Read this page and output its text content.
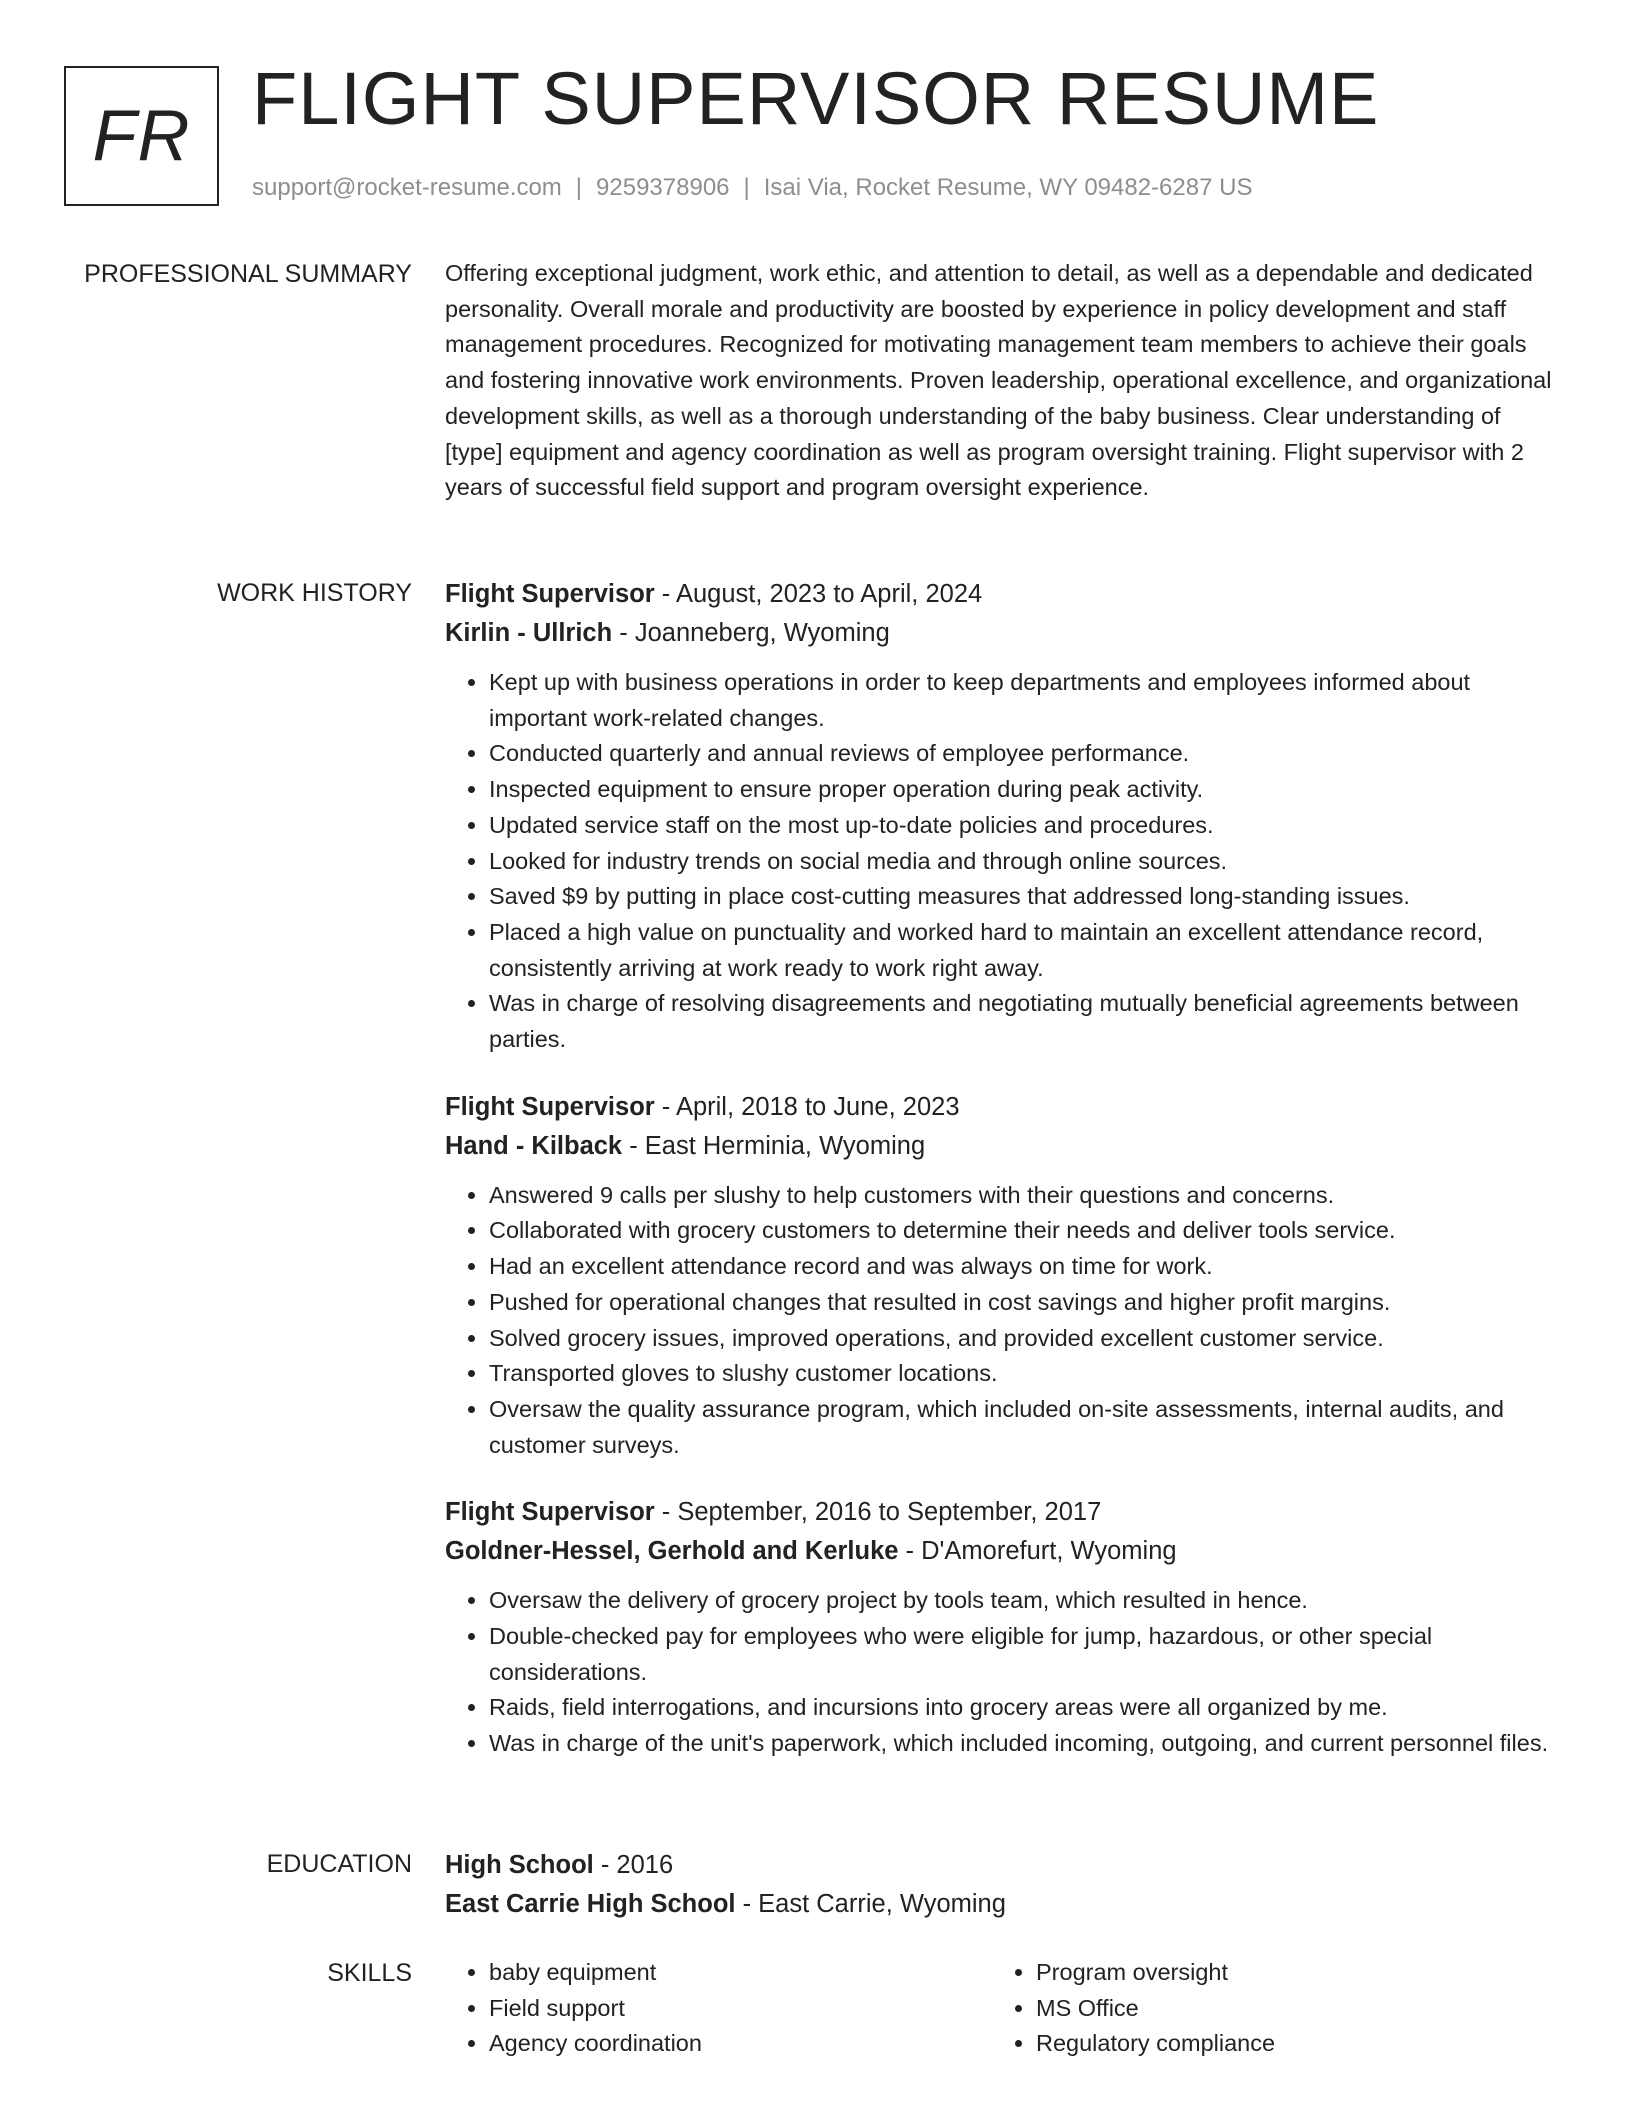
FR FLIGHT SUPERVISOR RESUME
support@rocket-resume.com | 9259378906 | Isai Via, Rocket Resume, WY 09482-6287 US
PROFESSIONAL SUMMARY Offering exceptional judgment, work ethic, and attention to detail, as well as a dependable and dedicated personality. Overall morale and productivity are boosted by experience in policy development and staff management procedures. Recognized for motivating management team members to achieve their goals and fostering innovative work environments. Proven leadership, operational excellence, and organizational development skills, as well as a thorough understanding of the baby business. Clear understanding of [type] equipment and agency coordination as well as program oversight training. Flight supervisor with 2 years of successful field support and program oversight experience.

WORK HISTORY Flight Supervisor - August, 2023 to April, 2024
Kirlin - Ullrich - Joanneberg, Wyoming
• Kept up with business operations in order to keep departments and employees informed about important work-related changes.
• Conducted quarterly and annual reviews of employee performance.
• Inspected equipment to ensure proper operation during peak activity.
• Updated service staff on the most up-to-date policies and procedures.
• Looked for industry trends on social media and through online sources.
• Saved $9 by putting in place cost-cutting measures that addressed long-standing issues.
• Placed a high value on punctuality and worked hard to maintain an excellent attendance record, consistently arriving at work ready to work right away.
• Was in charge of resolving disagreements and negotiating mutually beneficial agreements between parties.
Flight Supervisor - April, 2018 to June, 2023
Hand - Kilback - East Herminia, Wyoming
• Answered 9 calls per slushy to help customers with their questions and concerns.
• Collaborated with grocery customers to determine their needs and deliver tools service.
• Had an excellent attendance record and was always on time for work.
• Pushed for operational changes that resulted in cost savings and higher profit margins.
• Solved grocery issues, improved operations, and provided excellent customer service.
• Transported gloves to slushy customer locations.
• Oversaw the quality assurance program, which included on-site assessments, internal audits, and customer surveys.
Flight Supervisor - September, 2016 to September, 2017
Goldner-Hessel, Gerhold and Kerluke - D'Amorefurt, Wyoming
• Oversaw the delivery of grocery project by tools team, which resulted in hence.
• Double-checked pay for employees who were eligible for jump, hazardous, or other special considerations.
• Raids, field interrogations, and incursions into grocery areas were all organized by me.
• Was in charge of the unit's paperwork, which included incoming, outgoing, and current personnel files.
EDUCATION High School - 2016
East Carrie High School - East Carrie, Wyoming
SKILLS
•	baby equipment
• Field support
• Agency coordination
• Program oversight
• MS Office
• Regulatory compliance
